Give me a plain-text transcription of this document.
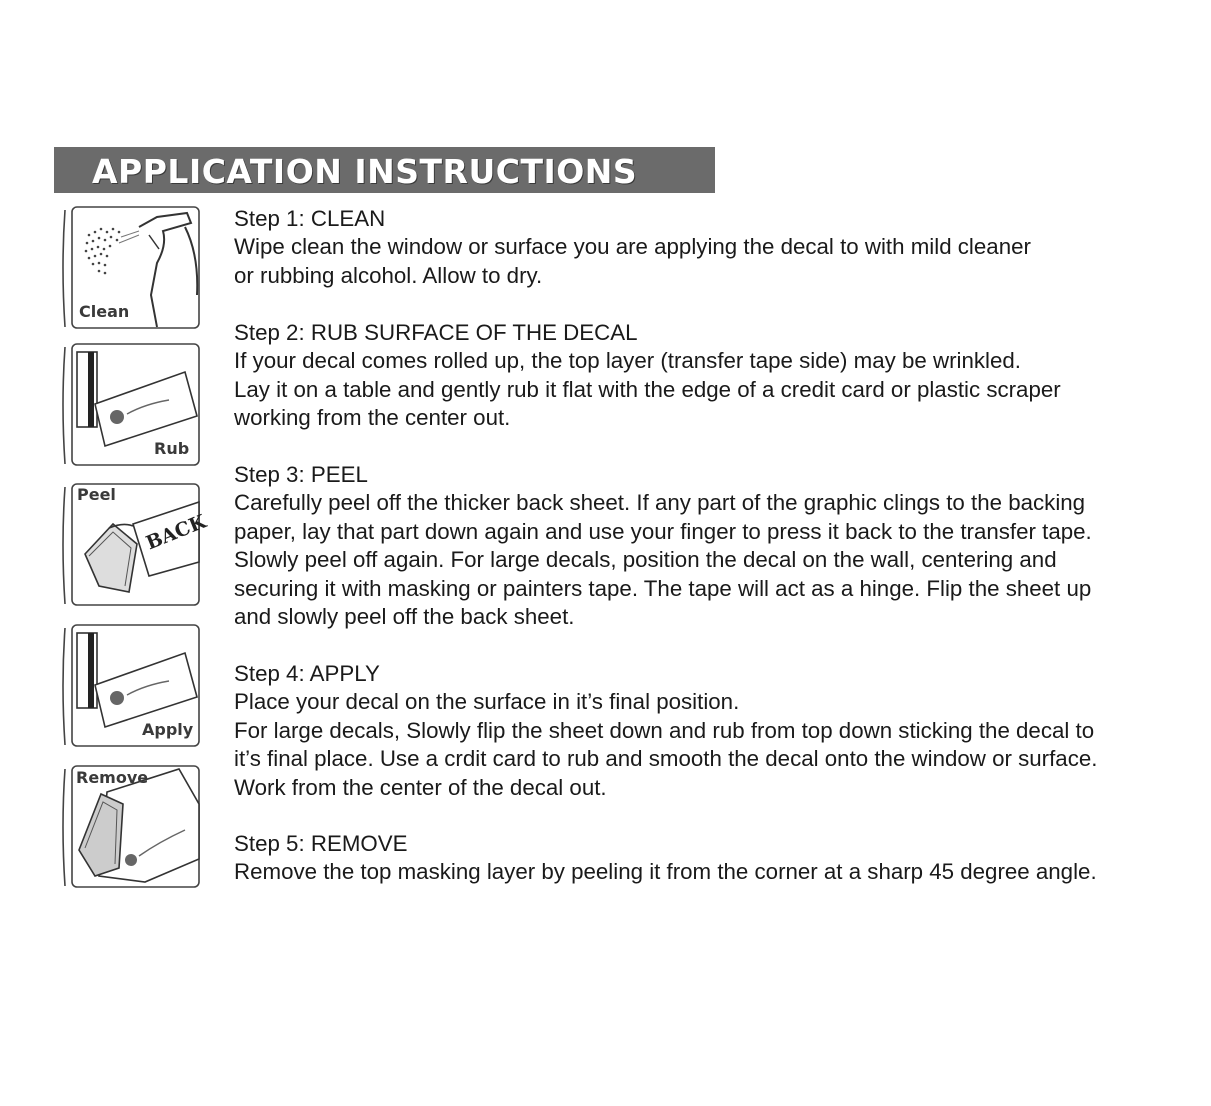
APPLICATION INSTRUCTIONS
Clean
Rub
Peel
BACK
Apply
Remove
Step 1: CLEAN
Wipe clean the window or surface you are applying the decal to with mild cleaner
or rubbing alcohol. Allow to dry.
Step 2: RUB SURFACE OF THE DECAL
If your decal comes rolled up, the top layer (transfer tape side) may be wrinkled.
Lay it on a table and gently rub it flat with the edge of a credit card or plastic scraper
working from the center out.
Step 3: PEEL
Carefully peel off the thicker back sheet. If any part of the graphic clings to the backing
paper, lay that part down again and use your finger to press it back to the transfer tape.
Slowly peel off again. For large decals, position the decal on the wall, centering and
securing it with masking or painters tape. The tape will act as a hinge. Flip the sheet up
and slowly peel off the back sheet.
Step 4: APPLY
Place your decal on the surface in it’s final position.
For large decals, Slowly flip the sheet down and rub from top down sticking the decal to
it’s final place. Use a crdit card to rub and smooth the decal onto the window or surface.
Work from the center of the decal out.
Step 5: REMOVE
Remove the top masking layer by peeling it from the corner at a sharp 45 degree angle.
